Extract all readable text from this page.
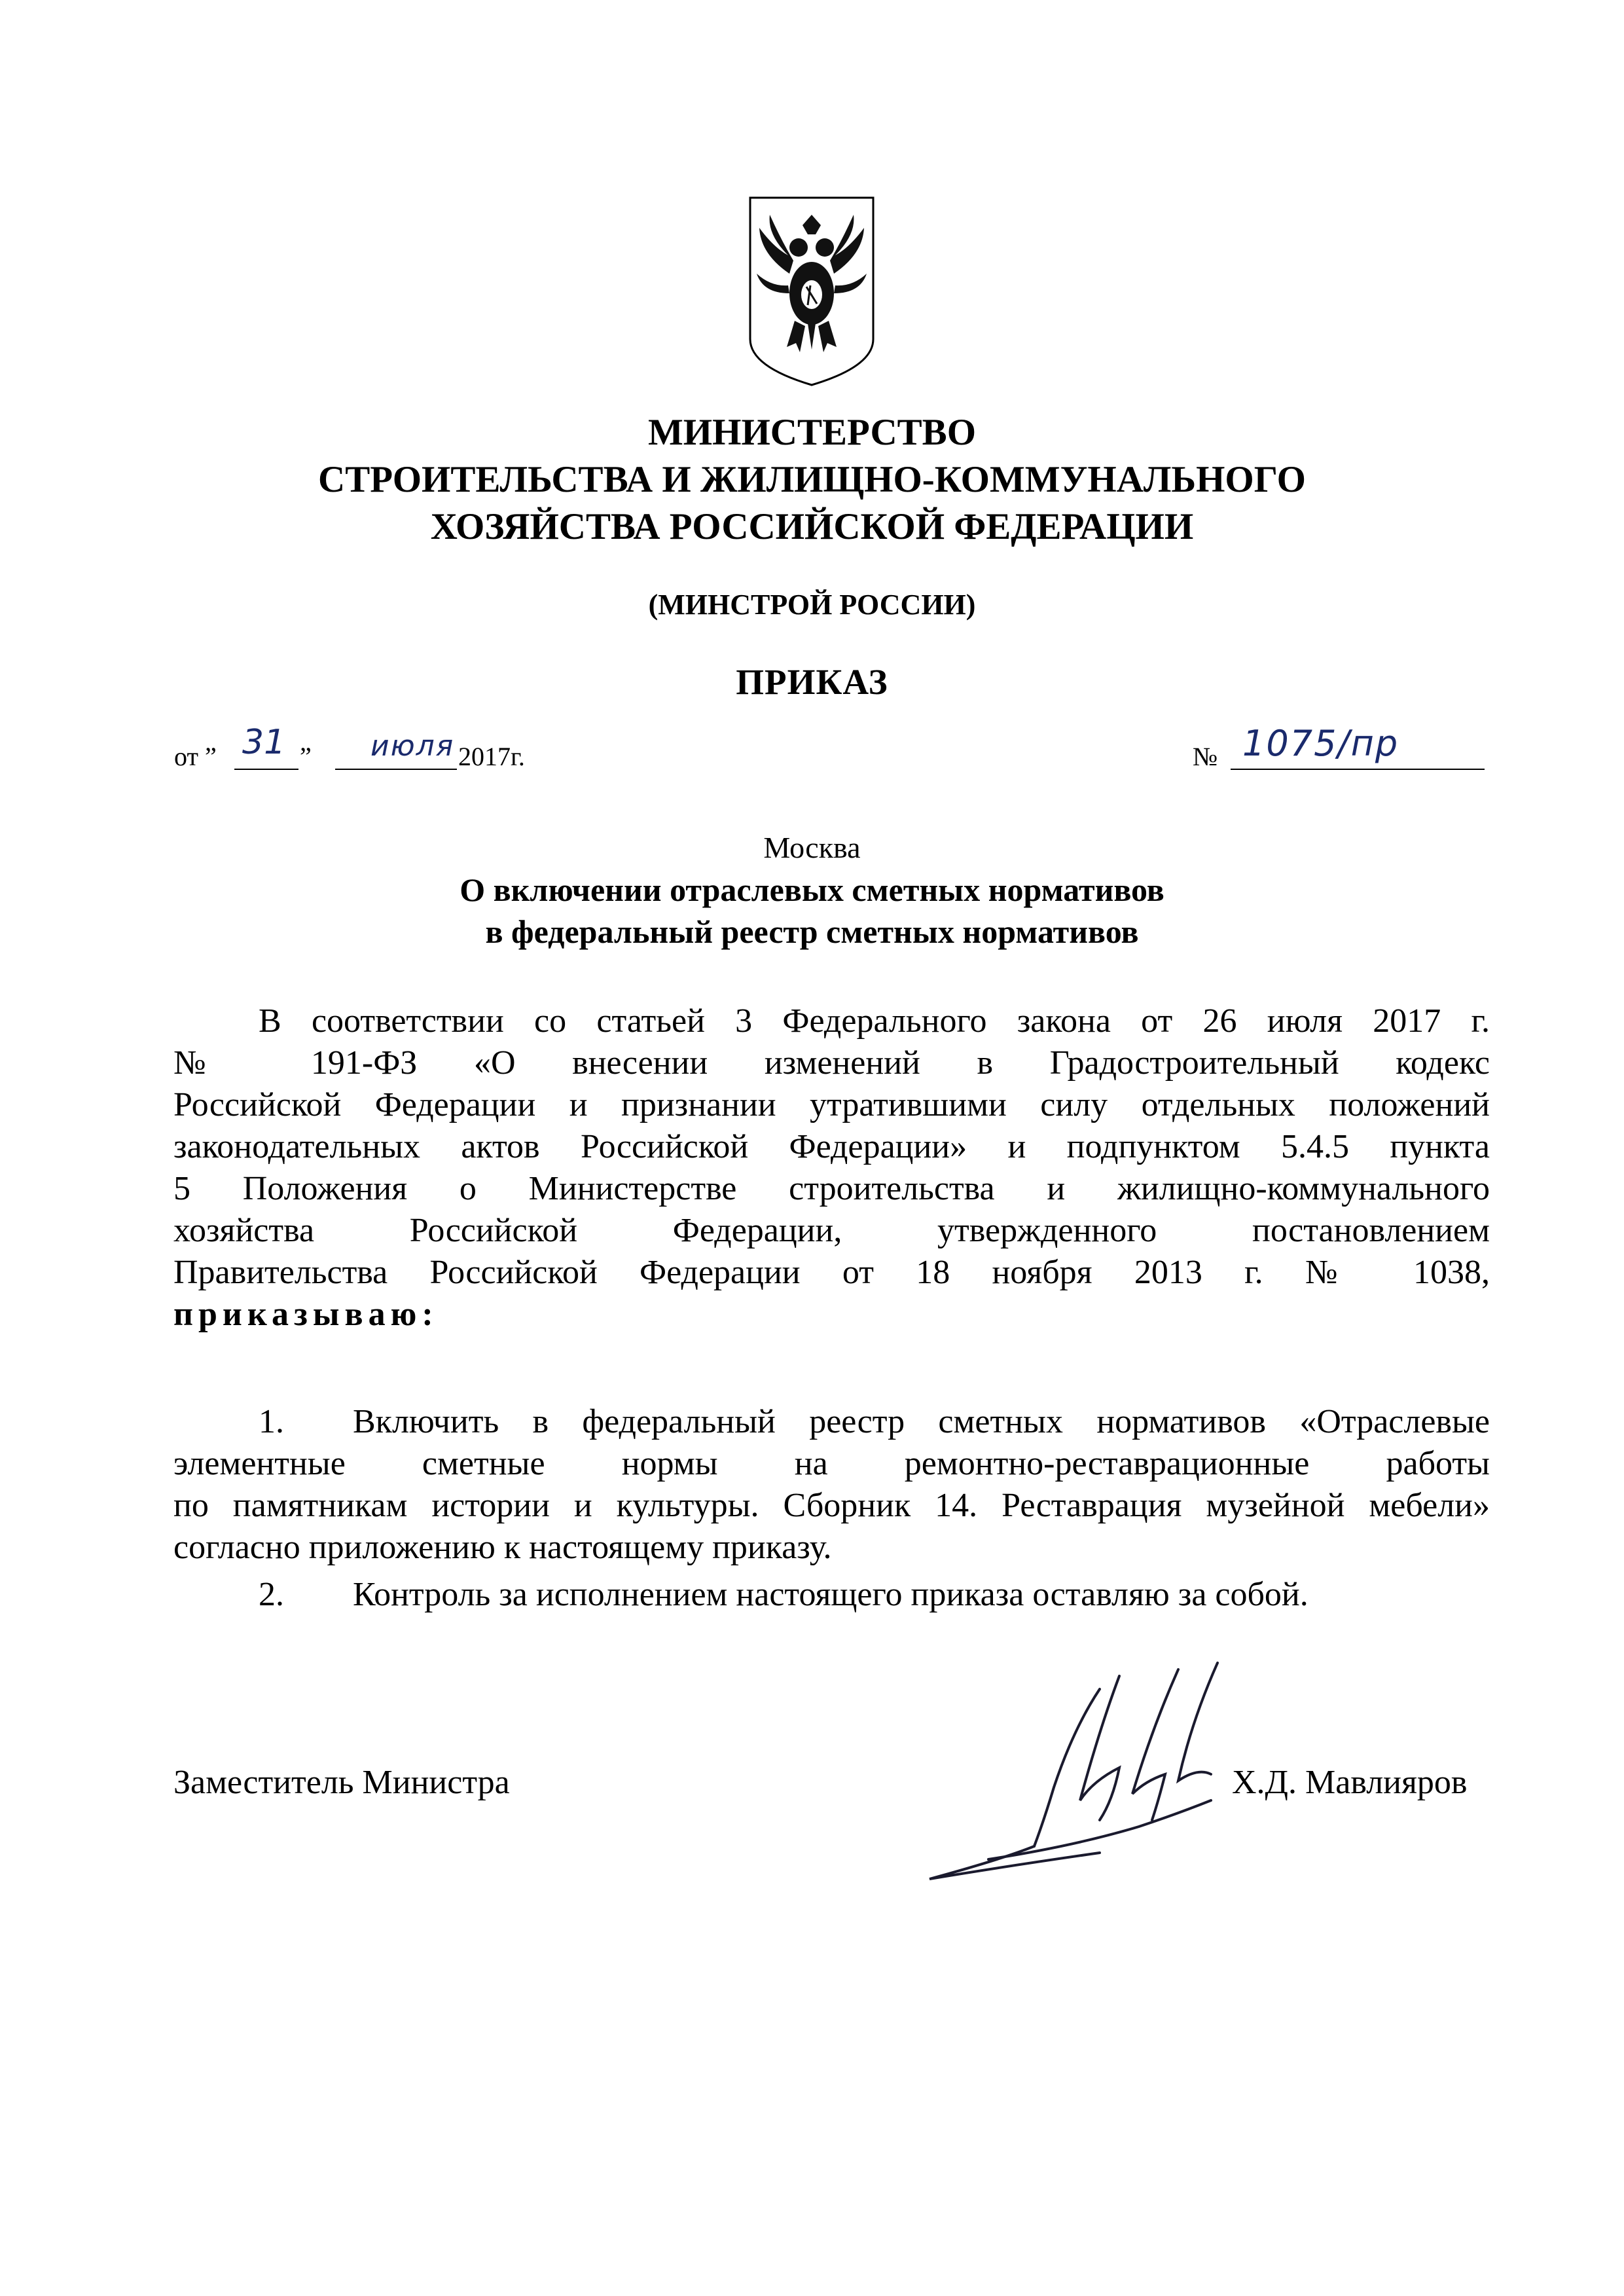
МИНИСТЕРСТВО
СТРОИТЕЛЬСТВА И ЖИЛИЩНО-КОММУНАЛЬНОГО
ХОЗЯЙСТВА РОССИЙСКОЙ ФЕДЕРАЦИИ
(МИНСТРОЙ РОССИИ)
ПРИКАЗ
от ” 31 ” июля 2017г.	№ 1075/пр
Москва
О включении отраслевых сметных нормативов
в федеральный реестр сметных нормативов
В соответствии со статьей 3 Федерального закона от 26 июля 2017 г.
№ 191-ФЗ «О внесении изменений в Градостроительный кодекс
Российской Федерации и признании утратившими силу отдельных положений
законодательных актов Российской Федерации» и подпунктом 5.4.5 пункта
5 Положения о Министерстве строительства и жилищно-коммунального
хозяйства Российской Федерации, утвержденного постановлением
Правительства Российской Федерации от 18 ноября 2013 г. № 1038,
приказываю:
1. Включить в федеральный реестр сметных нормативов «Отраслевые
элементные сметные нормы на ремонтно-реставрационные работы
по памятникам истории и культуры. Сборник 14. Реставрация музейной мебели»
согласно приложению к настоящему приказу.
2. Контроль за исполнением настоящего приказа оставляю за собой.
Заместитель Министра	Х.Д. Мавлияров
